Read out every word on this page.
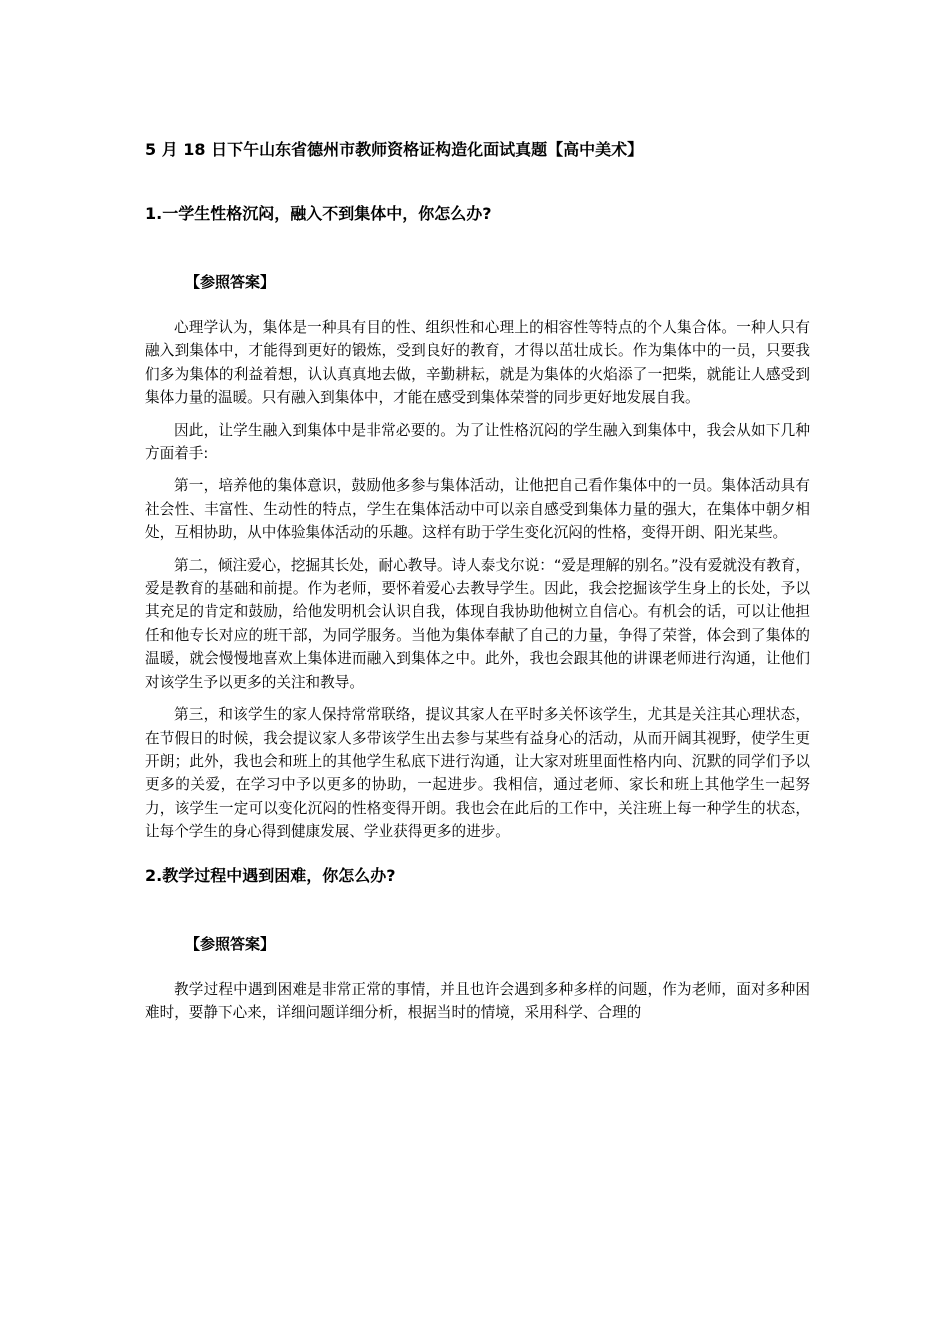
5 月 18 日下午山东省德州市教师资格证构造化面试真题【高中美术】
1.一学生性格沉闷，融入不到集体中，你怎么办?
【参照答案】

心理学认为，集体是一种具有目的性、组织性和心理上的相容性等特点的个人集合体。一种人只有融入到集体中，才能得到更好的锻炼，受到良好的教育，才得以茁壮成长。作为集体中的一员，只要我们多为集体的利益着想，认认真真地去做，辛勤耕耘，就是为集体的火焰添了一把柴，就能让人感受到集体力量的温暖。只有融入到集体中，才能在感受到集体荣誉的同步更好地发展自我。

因此，让学生融入到集体中是非常必要的。为了让性格沉闷的学生融入到集体中，我会从如下几种方面着手:

第一，培养他的集体意识，鼓励他多参与集体活动，让他把自己看作集体中的一员。集体活动具有社会性、丰富性、生动性的特点，学生在集体活动中可以亲自感受到集体力量的强大，在集体中朝夕相处，互相协助，从中体验集体活动的乐趣。这样有助于学生变化沉闷的性格，变得开朗、阳光某些。

第二，倾注爱心，挖掘其长处，耐心教导。诗人泰戈尔说：“爱是理解的别名。”没有爱就没有教育，爱是教育的基础和前提。作为老师，要怀着爱心去教导学生。因此，我会挖掘该学生身上的长处，予以其充足的肯定和鼓励，给他发明机会认识自我，体现自我协助他树立自信心。有机会的话，可以让他担任和他专长对应的班干部，为同学服务。当他为集体奉献了自己的力量，争得了荣誉，体会到了集体的温暖，就会慢慢地喜欢上集体进而融入到集体之中。此外，我也会跟其他的讲课老师进行沟通，让他们对该学生予以更多的关注和教导。

第三，和该学生的家人保持常常联络，提议其家人在平时多关怀该学生，尤其是关注其心理状态，在节假日的时候，我会提议家人多带该学生出去参与某些有益身心的活动，从而开阔其视野，使学生更开朗；此外，我也会和班上的其他学生私底下进行沟通，让大家对班里面性格内向、沉默的同学们予以更多的关爱，在学习中予以更多的协助，一起进步。我相信，通过老师、家长和班上其他学生一起努力，该学生一定可以变化沉闷的性格变得开朗。我也会在此后的工作中，关注班上每一种学生的状态，让每个学生的身心得到健康发展、学业获得更多的进步。

2.教学过程中遇到困难，你怎么办?
【参照答案】

教学过程中遇到困难是非常正常的事情，并且也许会遇到多种多样的问题，作为老师，面对多种困难时，要静下心来，详细问题详细分析，根据当时的情境，采用科学、合理的
